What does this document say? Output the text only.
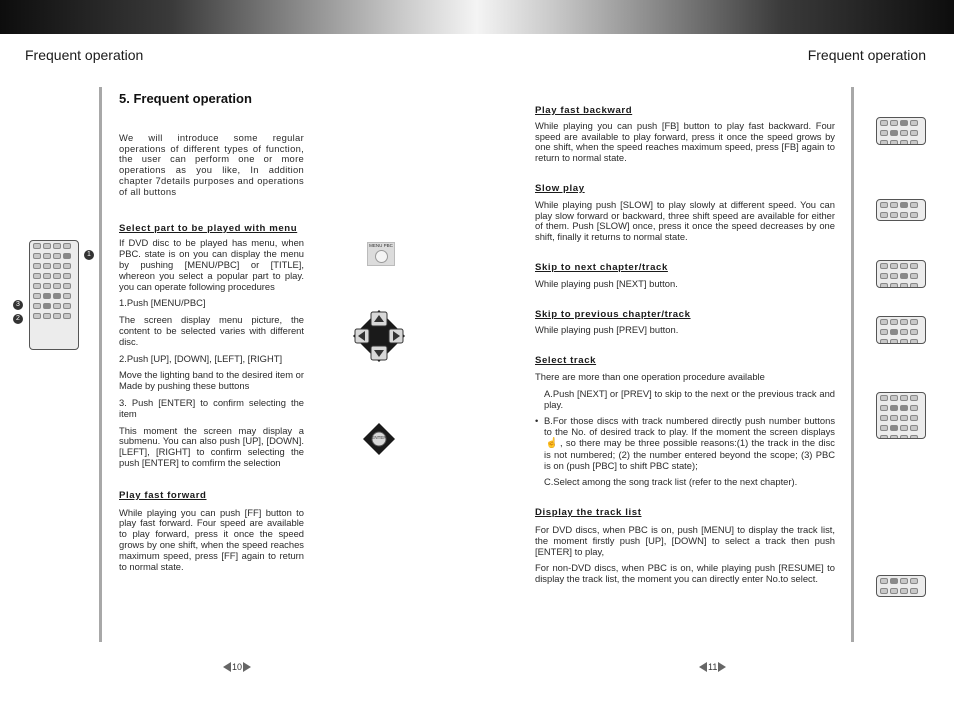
Frequent operation	Frequent operation
1
3
2
5. Frequent operation

We will introduce some regular operations of different types of function, the user can perform one or more operations as you like, In addition chapter 7details purposes and operations of all buttons

Select part to be played with menu

If DVD disc to be played has menu, when PBC. state is on you can display the menu by pushing [MENU/PBC] or [TITLE], whereon you select a popular part to play. you can operate following procedures

1.Push [MENU/PBC]

The screen display menu picture, the content to be selected varies with different disc.

2.Push [UP], [DOWN], [LEFT], [RIGHT]

Move the lighting band to the desired item or Made by pushing these buttons

3. Push [ENTER] to confirm selecting the item

This moment the screen may display a submenu. You can also push [UP], [DOWN]. [LEFT], [RIGHT] to confirm selecting the push [ENTER] to comfirm the selection

Play fast forward

While playing you can push [FF] button to play fast forward. Four speed are available to play forward, press it once the speed grows by one shift, when the speed reaches maximum speed, press [FF] again to return to normal state.

MENU PBC
ENTER
Play fast backward

While playing you can push [FB] button to play fast backward. Four speed are available to play forward, press it once the speed grows by one shift, when the speed reaches maximum speed, press [FB] again to return to normal state.

Slow play

While playing push [SLOW] to play slowly at different speed. You can play slow forward or backward, three shift speed are available for either of them. Push [SLOW] once, press it once the speed decreases by one shift, finally it returns to normal state.

Skip to next chapter/track

While playing push [NEXT] button.

Skip to previous chapter/track

While playing push [PREV] button.

Select track

There are more than one operation procedure available

A.Push [NEXT] or [PREV] to skip to the next or the previous track and play.

• B.For those discs with track numbered directly push number buttons to the No. of desired track to play. If the moment the screen displays ☝ , so there may be three possible reasons:(1) the track in the disc is not numbered; (2) the number entered beyond the scope; (3) PBC is on (push [PBC] to shift PBC state);

C.Select among the song track list (refer to the next chapter).

Display the track list

For DVD discs, when PBC is on, push [MENU] to display the track list, the moment firstly push [UP], [DOWN] to select a track then push [ENTER] to play,

For non-DVD discs, when PBC is on, while playing push [RESUME] to display the track list, the moment you can directly enter No.to select.

10	11
